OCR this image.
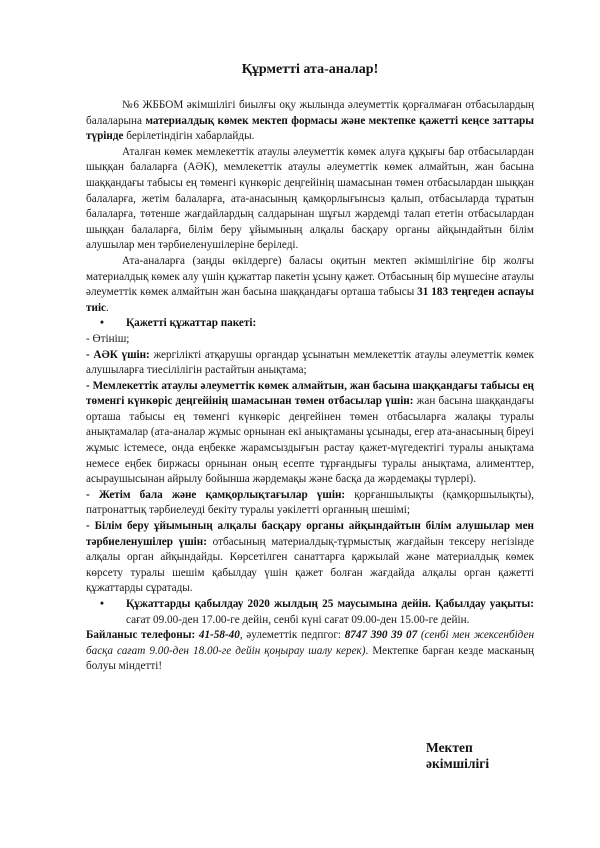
Құрметті ата-аналар!

№6 ЖББОМ әкімшілігі биылғы оқу жылында әлеуметтік қорғалмаған отбасылардың балаларына материалдық көмек мектеп формасы және мектепке қажетті кеңсе заттары түрінде берілетіндігін хабарлайды.

Аталған көмек мемлекеттік атаулы әлеуметтік көмек алуға құқығы бар отбасылардан шыққан балаларға (АӘК), мемлекеттік атаулы әлеуметтік көмек алмайтын, жан басына шаққандағы табысы ең төменгі күнкөріс деңгейінің шамасынан төмен отбасылардан шыққан балаларға, жетім балаларға, ата-анасының қамқорлығынсыз қалып, отбасыларда тұратын балаларға, төтенше жағдайлардың салдарынан шұғыл жәрдемді талап ететін отбасылардан шыққан балаларға, білім беру ұйымының алқалы басқару органы айқындайтын білім алушылар мен тәрбиеленушілеріне беріледі.

Ата-аналарға (заңды өкілдерге) баласы оқитын мектеп әкімшілігіне бір жолғы материалдық көмек алу үшін құжаттар пакетін ұсыну қажет. Отбасының бір мүшесіне атаулы әлеуметтік көмек алмайтын жан басына шаққандағы орташа табысы 31 183 теңгеден аспауы тиіс.

•	Қажетті құжаттар пакеті:

- Өтініш;

- АӘК үшін: жергілікті атқарушы органдар ұсынатын мемлекеттік атаулы әлеуметтік көмек алушыларға тиесілілігін растайтын анықтама;

- Мемлекеттік атаулы әлеуметтік көмек алмайтын, жан басына шаққандағы табысы ең төменгі күнкөріс деңгейінің шамасынан төмен отбасылар үшін: жан басына шаққандағы орташа табысы ең төменгі күнкөріс деңгейінен төмен отбасыларға жалақы туралы анықтамалар (ата-аналар жұмыс орнынан екі анықтаманы ұсынады, егер ата-анасының біреуі жұмыс істемесе, онда еңбекке жарамсыздығын растау қажет-мүгедектігі туралы анықтама немесе еңбек биржасы орнынан оның есепте тұрғандығы туралы анықтама, алименттер, асыраушысынан айрылу бойынша жәрдемақы және басқа да жәрдемақы түрлері).

- Жетім бала және қамқорлықтағылар үшін: қорғаншылықты (қамқоршылықты), патронаттық тәрбиелеуді бекіту туралы уәкілетті органның шешімі;

- Білім беру ұйымының алқалы басқару органы айқындайтын білім алушылар мен тәрбиеленушілер үшін: отбасының материалдық-тұрмыстық жағдайын тексеру негізінде алқалы орган айқындайды. Көрсетілген санаттарға қаржылай және материалдық көмек көрсету туралы шешім қабылдау үшін қажет болған жағдайда алқалы орган қажетті құжаттарды сұратады.

•	Құжаттарды қабылдау 2020 жылдың 25 маусымына дейін. Қабылдау уақыты: сағат 09.00-ден 17.00-ге дейін, сенбі күні сағат 09.00-ден 15.00-ге дейін.

Байланыс телефоны: 41-58-40, әулеметтік педпгог: 8747 390 39 07 (сенбі мен жексенбіден басқа сағат 9.00-ден 18.00-ге дейін қоңырау шалу керек). Мектепке барған кезде масканың болуы міндетті!

Мектеп әкімшілігі
